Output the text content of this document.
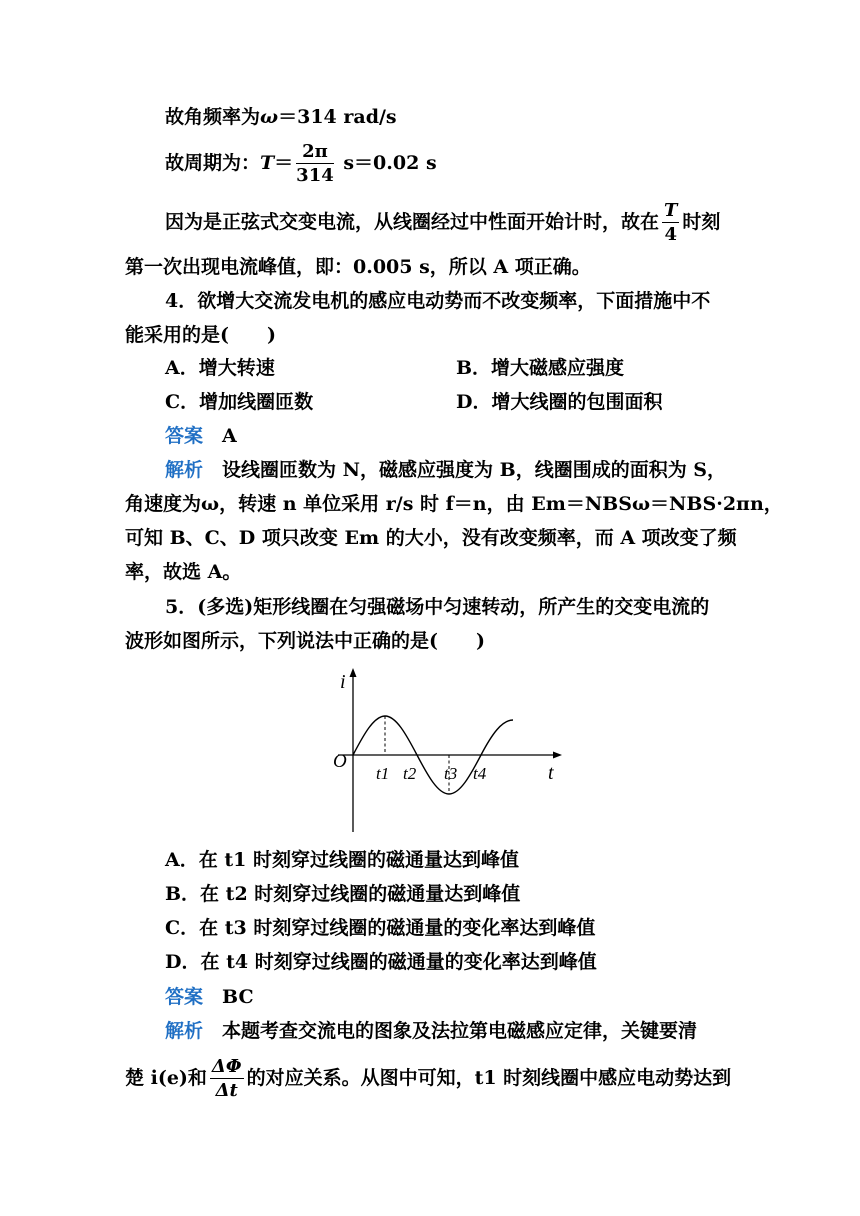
故角频率为ω＝314 rad/s
故周期为：$T= \frac{2\pi}{314} s=0.02$ s
因为是正弦式交变电流，从线圈经过中性面开始计时，故在 $\frac{T}{4}$ 时刻
第一次出现电流峰值，即：0.005 s，所以 A 项正确。
4．欲增大交流发电机的感应电动势而不改变频率，下面措施中不
能采用的是(　　)
A．增大转速	B．增大磁感应强度
C．增加线圈匝数	D．增大线圈的包围面积
答案　 A
解析　 设线圈匝数为 N，磁感应强度为 B，线圈围成的面积为 S，
角速度为ω，转速 n 单位采用 r/s 时 f＝n，由 Em＝NBSω＝NBS·2πn，
可知 B、C、D 项只改变 Em 的大小，没有改变频率，而 A 项改变了频
率，故选 A。
5．(多选)矩形线圈在匀强磁场中匀速转动，所产生的交变电流的
波形如图所示，下列说法中正确的是(　　)
i
t
O
t1 t2 t3 t4
A．在 t1 时刻穿过线圈的磁通量达到峰值
B．在 t2 时刻穿过线圈的磁通量达到峰值
C．在 t3 时刻穿过线圈的磁通量的变化率达到峰值
D．在 t4 时刻穿过线圈的磁通量的变化率达到峰值
答案　 BC
解析　 本题考查交流电的图象及法拉第电磁感应定律，关键要清
楚 i(e)和 $\frac{\Delta\Phi}{\Delta t}$ 的对应关系。从图中可知，t1 时刻线圈中感应电动势达到
